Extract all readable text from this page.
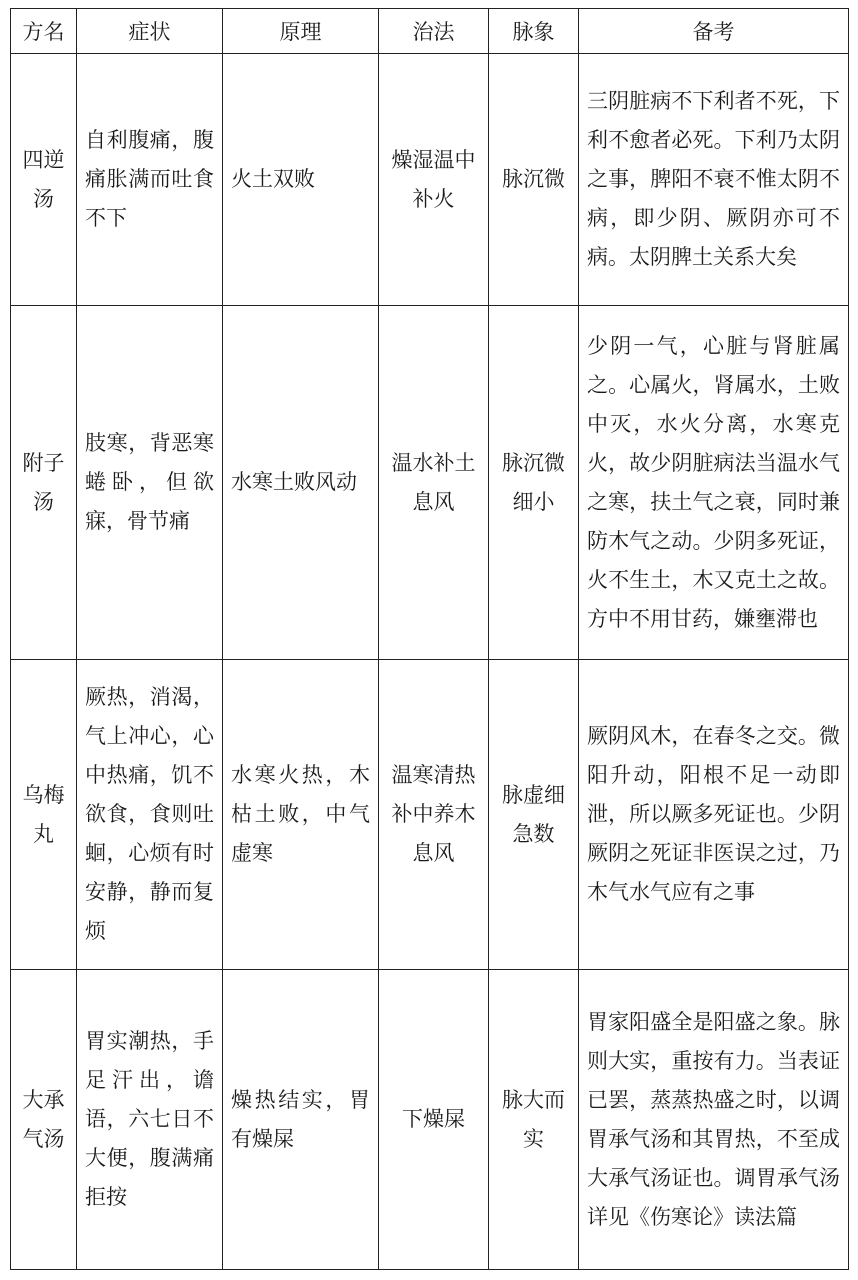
方名	症状	原理	治法	脉象	备考
四逆汤	自利腹痛，腹痛胀满而吐食不下	火土双败	燥湿温中补火	脉沉微	三阴脏病不下利者不死，下利不愈者必死。下利乃太阴之事，脾阳不衰不惟太阴不病，即少阴、厥阴亦可不病。太阴脾土关系大矣
附子汤	肢寒，背恶寒蜷卧，但欲寐，骨节痛	水寒土败风动	温水补土息风	脉沉微细小	少阴一气，心脏与肾脏属之。心属火，肾属水，土败中灭，水火分离，水寒克火，故少阴脏病法当温水气之寒，扶土气之衰，同时兼防木气之动。少阴多死证，火不生土，木又克土之故。方中不用甘药，嫌壅滞也
乌梅丸	厥热，消渴，气上冲心，心中热痛，饥不欲食，食则吐蛔，心烦有时安静，静而复烦	水寒火热，木枯土败，中气虚寒	温寒清热补中养木息风	脉虚细急数	厥阴风木，在春冬之交。微阳升动，阳根不足一动即泄，所以厥多死证也。少阴厥阴之死证非医误之过，乃木气水气应有之事
大承气汤	胃实潮热，手足汗出，谵语，六七日不大便，腹满痛拒按	燥热结实，胃有燥屎	下燥屎	脉大而实	胃家阳盛全是阳盛之象。脉则大实，重按有力。当表证已罢，蒸蒸热盛之时，以调胃承气汤和其胃热，不至成大承气汤证也。调胃承气汤详见《伤寒论》读法篇
